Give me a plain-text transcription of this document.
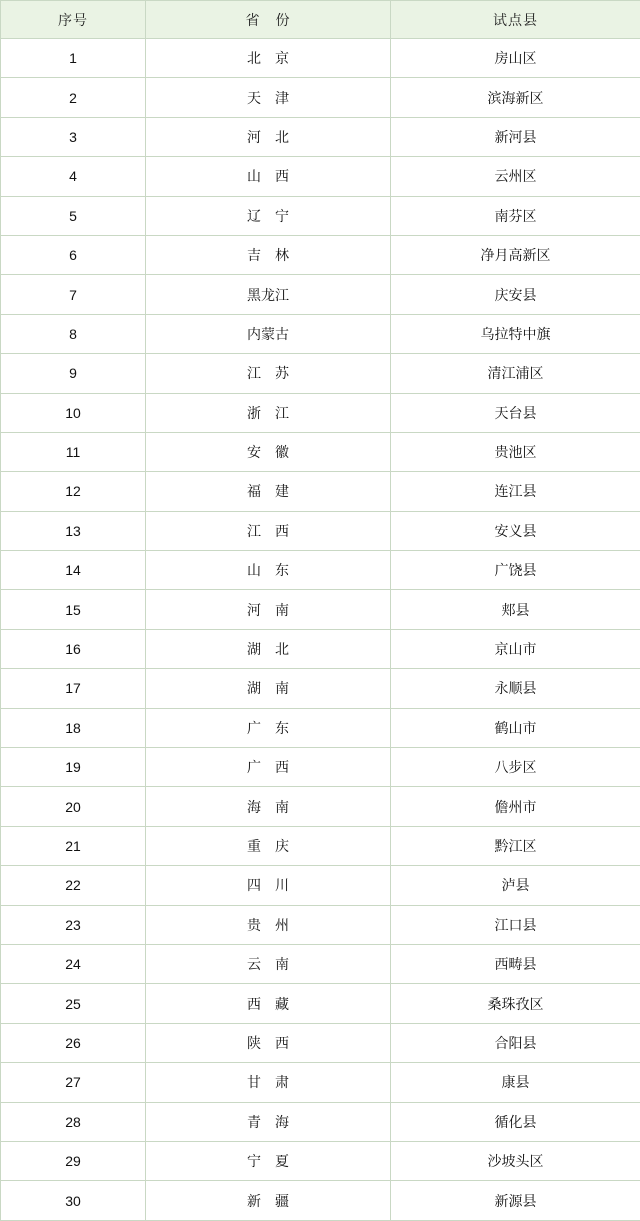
序号	省　份	试点县
1	北　京	房山区
2	天　津	滨海新区
3	河　北	新河县
4	山　西	云州区
5	辽　宁	南芬区
6	吉　林	净月高新区
7	黑龙江	庆安县
8	内蒙古	乌拉特中旗
9	江　苏	清江浦区
10	浙　江	天台县
11	安　徽	贵池区
12	福　建	连江县
13	江　西	安义县
14	山　东	广饶县
15	河　南	郏县
16	湖　北	京山市
17	湖　南	永顺县
18	广　东	鹤山市
19	广　西	八步区
20	海　南	儋州市
21	重　庆	黔江区
22	四　川	泸县
23	贵　州	江口县
24	云　南	西畴县
25	西　藏	桑珠孜区
26	陕　西	合阳县
27	甘　肃	康县
28	青　海	循化县
29	宁　夏	沙坡头区
30	新　疆	新源县
